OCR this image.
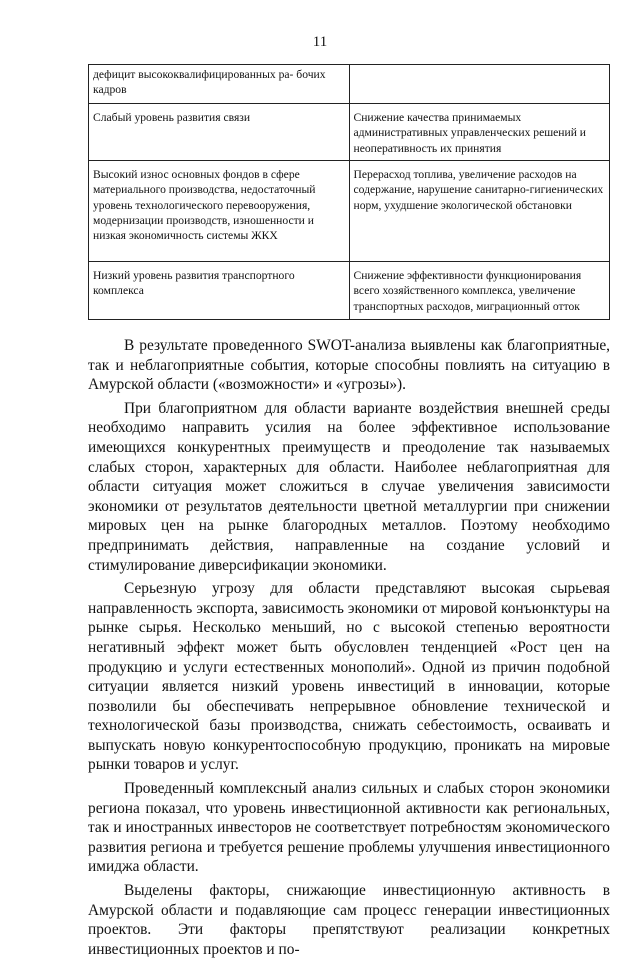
11
дефицит высококвалифицированных ра- бочих кадров	
Слабый уровень развития связи	Снижение качества принимаемых административных управленческих решений и неоперативность их принятия
Высокий износ основных фондов в сфере материального производства, недостаточный уровень технологического перевооружения, модернизации производств, изношенности и низкая экономичность системы ЖКХ	Перерасход топлива, увеличение расходов на содержание, нарушение санитарно-гигиенических норм, ухудшение экологической обстановки
Низкий уровень развития транспортного комплекса	Снижение эффективности функционирования всего хозяйственного комплекса, увеличение транспортных расходов, миграционный отток

В результате проведенного SWOT-анализа выявлены как благоприятные, так и неблагоприятные события, которые способны повлиять на ситуацию в Амурской области («возможности» и «угрозы»).

При благоприятном для области варианте воздействия внешней среды необходимо направить усилия на более эффективное использование имеющихся конкурентных преимуществ и преодоление так называемых слабых сторон, характерных для области. Наиболее неблагоприятная для области ситуация может сложиться в случае увеличения зависимости экономики от результатов деятельности цветной металлургии при снижении мировых цен на рынке благородных металлов. Поэтому необходимо предпринимать действия, направленные на создание условий и стимулирование диверсификации экономики.

Серьезную угрозу для области представляют высокая сырьевая направленность экспорта, зависимость экономики от мировой конъюнктуры на рынке сырья. Несколько меньший, но с высокой степенью вероятности негативный эффект может быть обусловлен тенденцией «Рост цен на продукцию и услуги естественных монополий». Одной из причин подобной ситуации является низкий уровень инвестиций в инновации, которые позволили бы обеспечивать непрерывное обновление технической и технологической базы производства, снижать себестоимость, осваивать и выпускать новую конкурентоспособную продукцию, проникать на мировые рынки товаров и услуг.

Проведенный комплексный анализ сильных и слабых сторон экономики региона показал, что уровень инвестиционной активности как региональных, так и иностранных инвесторов не соответствует потребностям экономического развития региона и требуется решение проблемы улучшения инвестиционного имиджа области.

Выделены факторы, снижающие инвестиционную активность в Амурской области и подавляющие сам процесс генерации инвестиционных проектов. Эти факторы препятствуют реализации конкретных инвестиционных проектов и по-
